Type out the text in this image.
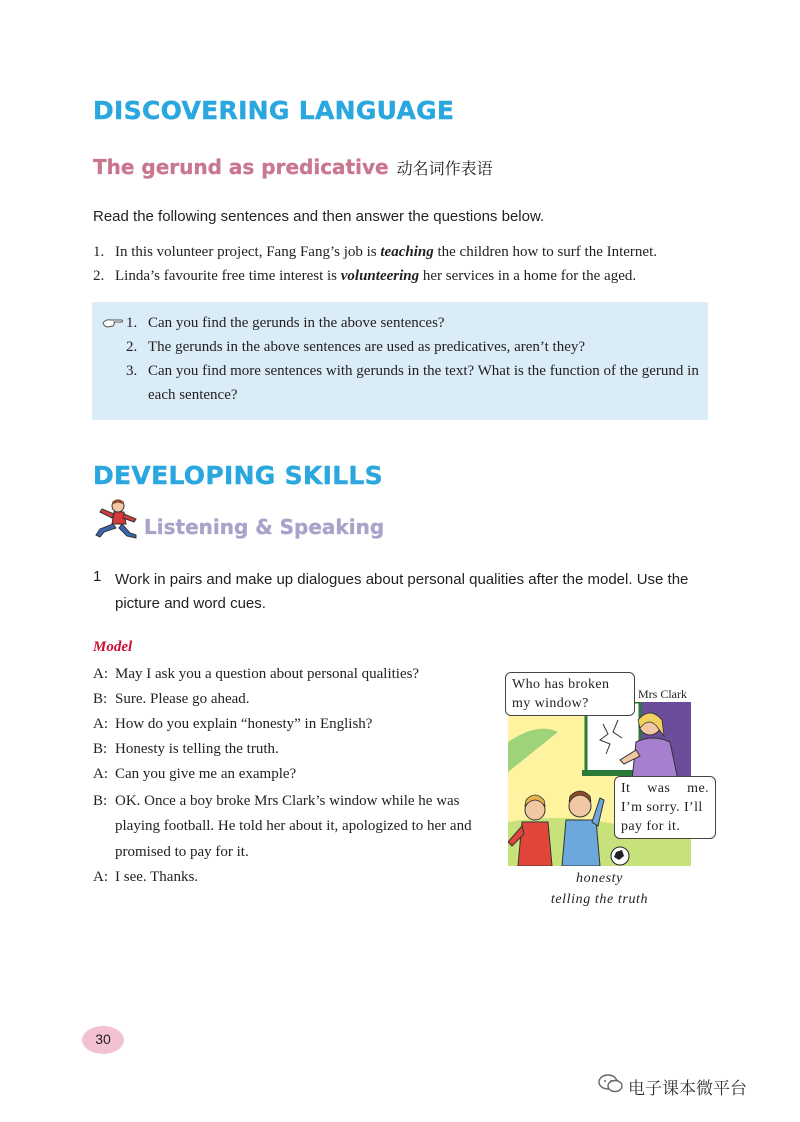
DISCOVERING LANGUAGE
The gerund as predicative 动名词作表语
Read the following sentences and then answer the questions below.
1. In this volunteer project, Fang Fang’s job is teaching the children how to surf the Internet.
2. Linda’s favourite free time interest is volunteering her services in a home for the aged.
1. Can you find the gerunds in the above sentences?
2. The gerunds in the above sentences are used as predicatives, aren’t they?
3. Can you find more sentences with gerunds in the text? What is the function of the gerund in
each sentence?
DEVELOPING SKILLS
Listening & Speaking
1 Work in pairs and make up dialogues about personal qualities after the model. Use the
picture and word cues.
Model
A: May I ask you a question about personal qualities?
B: Sure. Please go ahead.
A: How do you explain “honesty” in English?
B: Honesty is telling the truth.
A: Can you give me an example?
B: OK. Once a boy broke Mrs Clark’s window while he was
playing football. He told her about it, apologized to her and
promised to pay for it.
A: I see. Thanks.
Who has broken
my window?
Mrs Clark
It was me.
I’m sorry. I’ll
pay for it.
honesty
telling the truth
30
电子课本微平台
